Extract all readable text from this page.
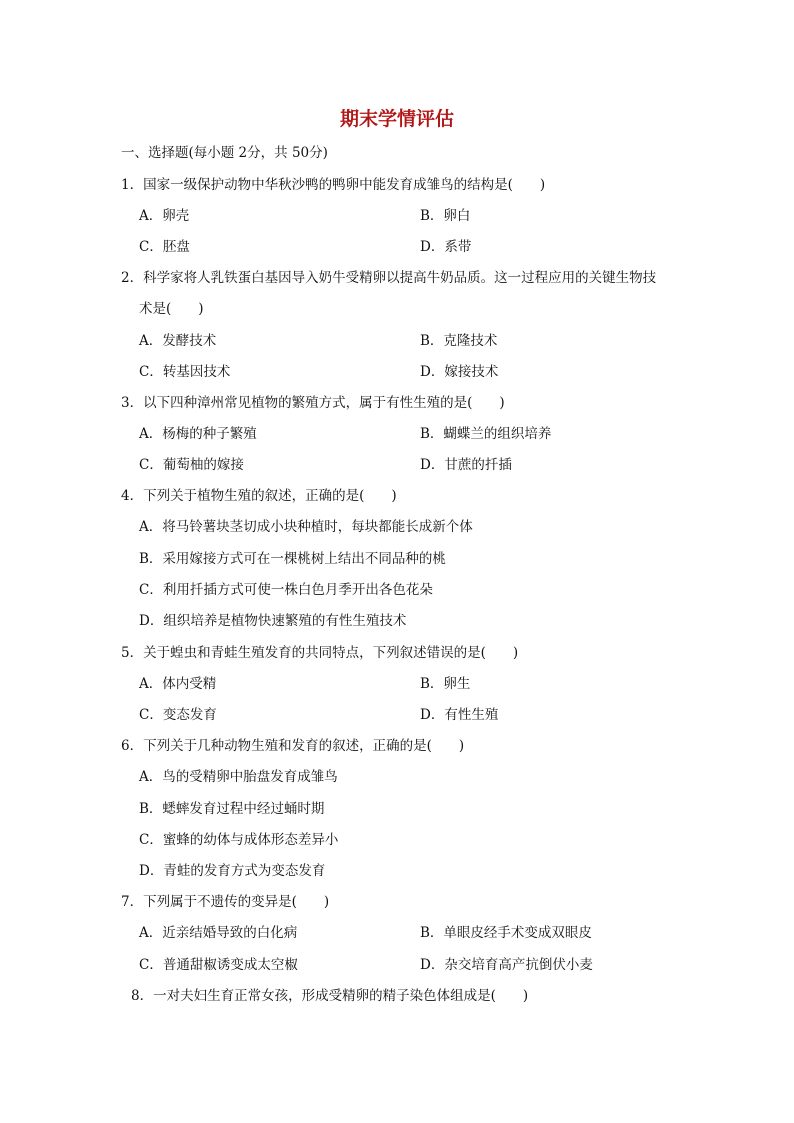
期末学情评估
一、选择题(每小题 2分，共 50分)
1．国家一级保护动物中华秋沙鸭的鸭卵中能发育成雏鸟的结构是(　　)
A．卵壳	B．卵白
C．胚盘	D．系带
2．科学家将人乳铁蛋白基因导入奶牛受精卵以提高牛奶品质。这一过程应用的关键生物技
术是(　　)
A．发酵技术	B．克隆技术
C．转基因技术	D．嫁接技术
3．以下四种漳州常见植物的繁殖方式，属于有性生殖的是(　　)
A．杨梅的种子繁殖	B．蝴蝶兰的组织培养
C．葡萄柚的嫁接	D．甘蔗的扦插
4．下列关于植物生殖的叙述，正确的是(　　)
A．将马铃薯块茎切成小块种植时，每块都能长成新个体
B．采用嫁接方式可在一棵桃树上结出不同品种的桃
C．利用扦插方式可使一株白色月季开出各色花朵
D．组织培养是植物快速繁殖的有性生殖技术
5．关于蝗虫和青蛙生殖发育的共同特点，下列叙述错误的是(　　)
A．体内受精	B．卵生
C．变态发育	D．有性生殖
6．下列关于几种动物生殖和发育的叙述，正确的是(　　)
A．鸟的受精卵中胎盘发育成雏鸟
B．蟋蟀发育过程中经过蛹时期
C．蜜蜂的幼体与成体形态差异小
D．青蛙的发育方式为变态发育
7．下列属于不遗传的变异是(　　)
A．近亲结婚导致的白化病	B．单眼皮经手术变成双眼皮
C．普通甜椒诱变成太空椒	D．杂交培育高产抗倒伏小麦
8．一对夫妇生育正常女孩，形成受精卵的精子染色体组成是(　　)
